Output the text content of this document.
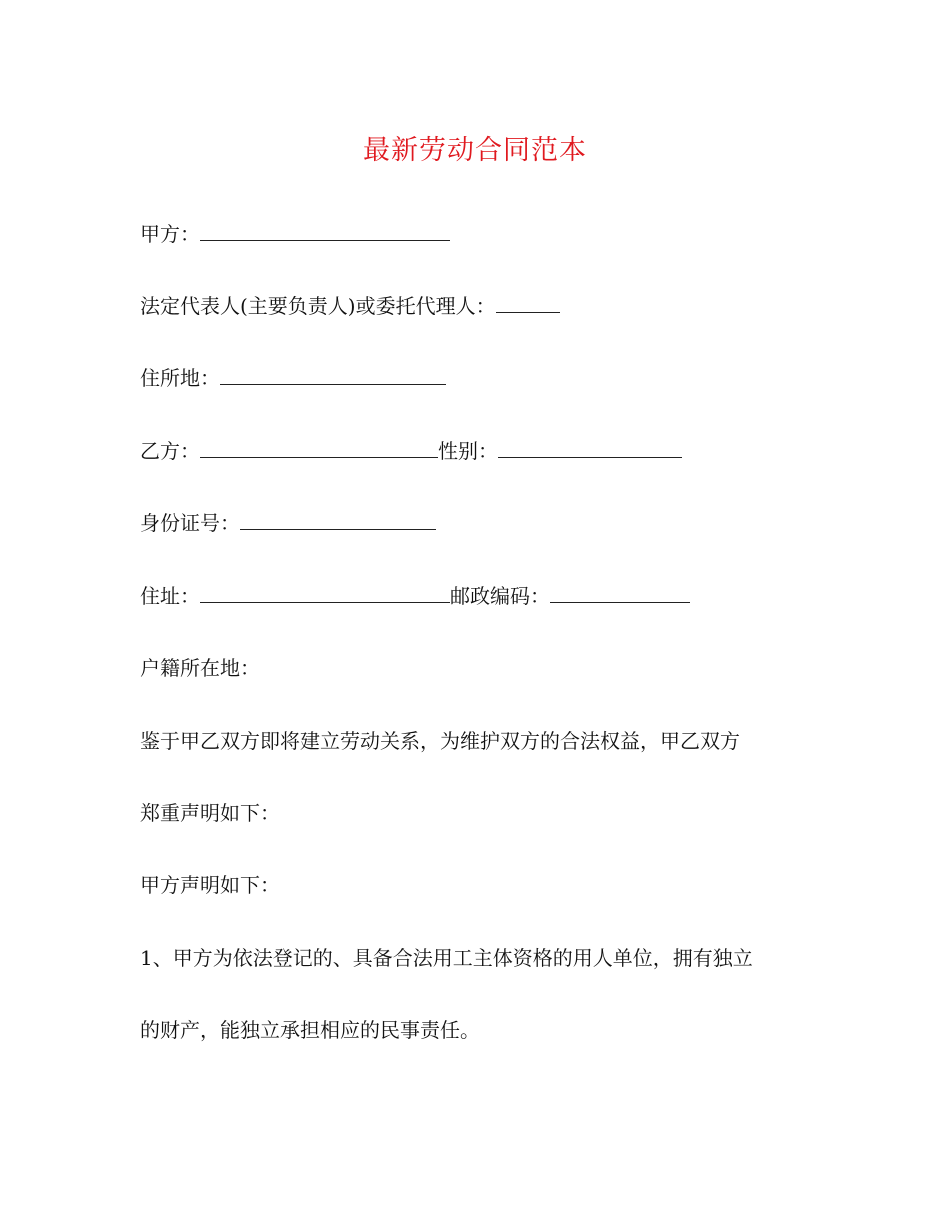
最新劳动合同范本
甲方：
法定代表人(主要负责人)或委托代理人：
住所地：
乙方：	性别：
身份证号：
住址：	邮政编码：
户籍所在地：
鉴于甲乙双方即将建立劳动关系，为维护双方的合法权益，甲乙双方
郑重声明如下：
甲方声明如下：
1、甲方为依法登记的、具备合法用工主体资格的用人单位，拥有独立
的财产，能独立承担相应的民事责任。
